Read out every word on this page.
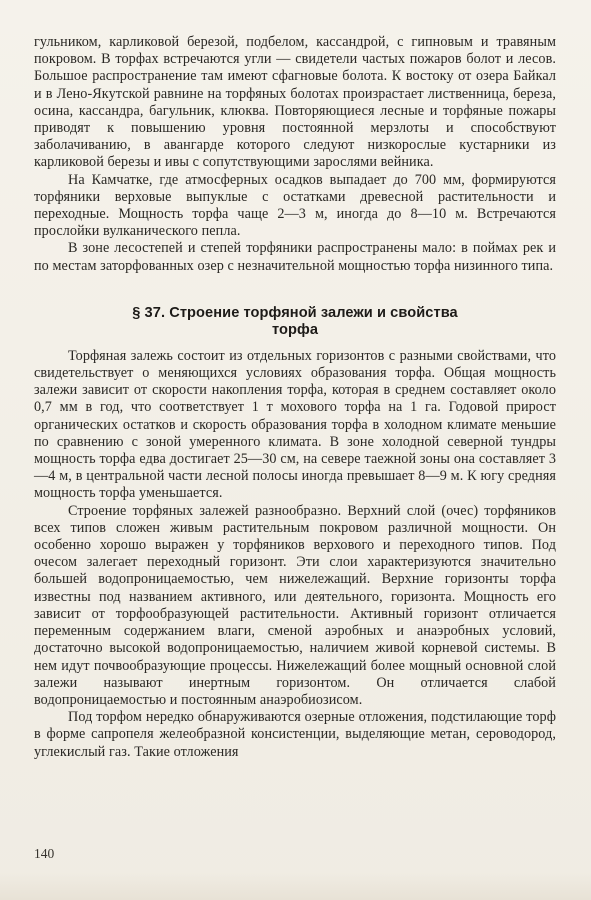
гульником, карликовой березой, подбелом, кассандрой, с гипновым и травяным покровом. В торфах встречаются угли — свидетели частых пожаров болот и лесов. Большое распространение там имеют сфагновые болота. К востоку от озера Байкал и в Лено-Якутской равнине на торфяных болотах произрастает лиственница, береза, осина, кассандра, багульник, клюква. Повторяющиеся лесные и торфяные пожары приводят к повышению уровня постоянной мерзлоты и способствуют заболачиванию, в авангарде которого следуют низкорослые кустарники из карликовой березы и ивы с сопутствующими зарослями вейника.

На Камчатке, где атмосферных осадков выпадает до 700 мм, формируются торфяники верховые выпуклые с остатками древесной растительности и переходные. Мощность торфа чаще 2—3 м, иногда до 8—10 м. Встречаются прослойки вулканического пепла.

В зоне лесостепей и степей торфяники распространены мало: в поймах рек и по местам заторфованных озер с незначительной мощностью торфа низинного типа.

§ 37. Строение торфяной залежи и свойства
торфа

Торфяная залежь состоит из отдельных горизонтов с разными свойствами, что свидетельствует о меняющихся условиях образования торфа. Общая мощность залежи зависит от скорости накопления торфа, которая в среднем составляет около 0,7 мм в год, что соответствует 1 т мохового торфа на 1 га. Годовой прирост органических остатков и скорость образования торфа в холодном климате меньшие по сравнению с зоной умеренного климата. В зоне холодной северной тундры мощность торфа едва достигает 25—30 см, на севере таежной зоны она составляет 3—4 м, в центральной части лесной полосы иногда превышает 8—9 м. К югу средняя мощность торфа уменьшается.

Строение торфяных залежей разнообразно. Верхний слой (очес) торфяников всех типов сложен живым растительным покровом различной мощности. Он особенно хорошо выражен у торфяников верхового и переходного типов. Под очесом залегает переходный горизонт. Эти слои характеризуются значительно большей водопроницаемостью, чем нижележащий. Верхние горизонты торфа известны под названием активного, или деятельного, горизонта. Мощность его зависит от торфообразующей растительности. Активный горизонт отличается переменным содержанием влаги, сменой аэробных и анаэробных условий, достаточно высокой водопроницаемостью, наличием живой корневой системы. В нем идут почвообразующие процессы. Нижележащий более мощный основной слой залежи называют инертным горизонтом. Он отличается слабой водопроницаемостью и постоянным анаэробиозисом.

Под торфом нередко обнаруживаются озерные отложения, подстилающие торф в форме сапропеля желеобразной консистенции, выделяющие метан, сероводород, углекислый газ. Такие отложения

140
